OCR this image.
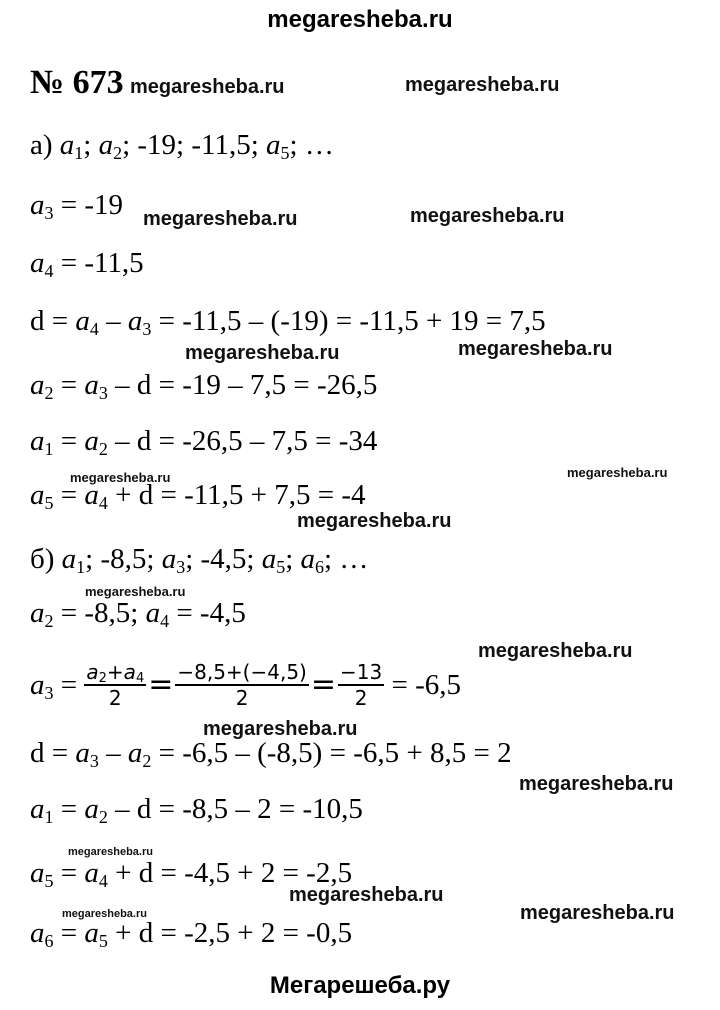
megaresheba.ru
№ 673
а) $a_1$; $a_2$; -19; -11,5; $a_5$; …
$a_3 = -19$
$a_4 = -11,5$
$d = a_4 - a_3 = -11,5 - (-19) = -11,5 + 19 = 7,5$
$a_2 = a_3 - d = -19 - 7,5 = -26,5$
$a_1 = a_2 - d = -26,5 - 7,5 = -34$
$a_5 = a_4 + d = -11,5 + 7,5 = -4$
б) $a_1$; -8,5; $a_3$; -4,5; $a_5$; $a_6$; …
$a_2 = -8,5$; $a_4 = -4,5$
$a_3 = \frac{a_2+a_4}{2} = \frac{-8,5+(-4,5)}{2} = \frac{-13}{2} = -6,5$
$d = a_3 - a_2 = -6,5 - (-8,5) = -6,5 + 8,5 = 2$
$a_1 = a_2 - d = -8,5 - 2 = -10,5$
$a_5 = a_4 + d = -4,5 + 2 = -2,5$
$a_6 = a_5 + d = -2,5 + 2 = -0,5$
megaresheba.ru	megaresheba.ru
megaresheba.ru	megaresheba.ru
megaresheba.ru	megaresheba.ru
megaresheba.ru	megaresheba.ru
megaresheba.ru
megaresheba.ru
megaresheba.ru
megaresheba.ru
megaresheba.ru
megaresheba.ru
megaresheba.ru
megaresheba.ru	megaresheba.ru
Мегарешеба.ру
